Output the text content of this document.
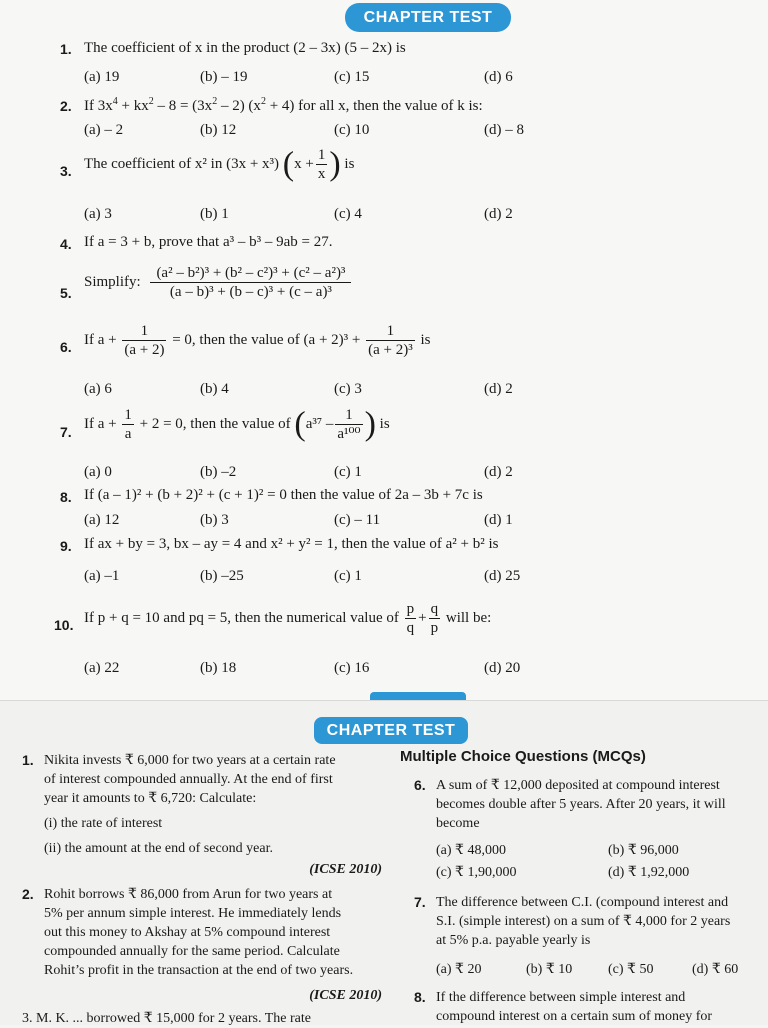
CHAPTER TEST
1. The coefficient of x in the product (2 – 3x) (5 – 2x) is
(a) 19	(b) – 19	(c) 15	(d) 6
2. If $3x^4 + kx^2 - 8 = (3x^2 - 2) (x^2 + 4)$ for all x, then the value of k is:
(a) – 2	(b) 12	(c) 10	(d) – 8
3. The coefficient of x² in (3x + x³) ($x + \frac{1}{x}$ ) is
(a) 3	(b) 1	(c) 4	(d) 2
4. If a = 3 + b, prove that a³ – b³ – 9ab = 27.
5.
Simplify: $\frac{\text{(a² – b²)³ + (b² – c²)³ + (c² – a²)³}}{\text{(a – b)³ + (b – c)³ + (c – a)³}}$
6. If $a + \frac{1}{(a + 2)} = 0$, then the value of $(a + 2)^3 + \frac{1}{\text{(a + 2)³}}$ is
(a) 6	(b) 4	(c) 3	(d) 2
7.
If $a + \frac{1}{a} + 2 = 0$, then the value of ($a^{37} - \frac{1}{\text{a¹⁰⁰}}$ ) is
(a) 0	(b) –2	(c) 1	(d) 2
8. If (a – 1)² + (b + 2)² + (c + 1)² = 0 then the value of 2a – 3b + 7c is
(a) 12	(b) 3	(c) – 11	(d) 1
9. If ax + by = 3, bx – ay = 4 and x² + y² = 1, then the value of a² + b² is
(a) –1	(b) –25	(c) 1	(d) 25
10. If p + q = 10 and pq = 5, then the numerical value of $\frac{p}{q} + \frac{q}{p}$ will be:
(a) 22	(b) 18	(c) 16	(d) 20
CHAPTER TEST
1. Nikita invests ₹ 6,000 for two years at a certain rate
of interest compounded annually. At the end of first
year it amounts to ₹ 6,720: Calculate:
(i) the rate of interest
(ii) the amount at the end of second year.
(ICSE 2010)
2. Rohit borrows ₹ 86,000 from Arun for two years at
5% per annum simple interest. He immediately lends
out this money to Akshay at 5% compound interest
compounded annually for the same period. Calculate
Rohit’s profit in the transaction at the end of two years.
(ICSE 2010)
3. M. K. ... borrowed ₹ 15,000 for 2 years. The rate
Multiple Choice Questions (MCQs)
6. A sum of ₹ 12,000 deposited at compound interest
becomes double after 5 years. After 20 years, it will
become
(a) ₹ 48,000	(b) ₹ 96,000
(c) ₹ 1,90,000	(d) ₹ 1,92,000
7. The difference between C.I. (compound interest and
S.I. (simple interest) on a sum of ₹ 4,000 for 2 years
at 5% p.a. payable yearly is
(a) ₹ 20	(b) ₹ 10	(c) ₹ 50	(d) ₹ 60
8. If the difference between simple interest and
compound interest on a certain sum of money for
